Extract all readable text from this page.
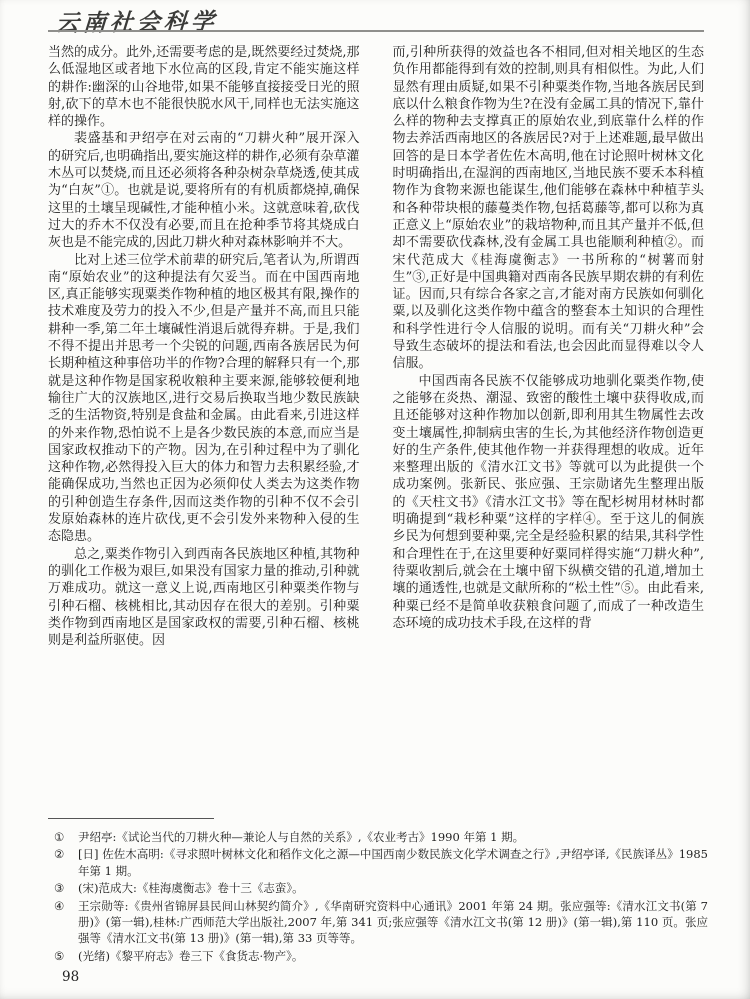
云南社会科学

当然的成分。此外,还需要考虑的是,既然要经过焚烧,那么低湿地区或者地下水位高的区段,肯定不能实施这样的耕作:幽深的山谷地带,如果不能够直接接受日光的照射,砍下的草木也不能很快脱水风干,同样也无法实施这样的操作。

裴盛基和尹绍亭在对云南的“刀耕火种”展开深入的研究后,也明确指出,要实施这样的耕作,必须有杂草灌木丛可以焚烧,而且还必须将各种杂树杂草烧透,使其成为“白灰”①。也就是说,要将所有的有机质都烧掉,确保这里的土壤呈现碱性,才能种植小米。这就意味着,砍伐过大的乔木不仅没有必要,而且在抢种季节将其烧成白灰也是不能完成的,因此刀耕火种对森林影响并不大。

比对上述三位学术前辈的研究后,笔者认为,所谓西南“原始农业”的这种提法有欠妥当。而在中国西南地区,真正能够实现粟类作物种植的地区极其有限,操作的技术难度及劳力的投入不少,但是产量并不高,而且只能耕种一季,第二年土壤碱性消退后就得弃耕。于是,我们不得不提出并思考一个尖锐的问题,西南各族居民为何长期种植这种事倍功半的作物?合理的解释只有一个,那就是这种作物是国家税收粮种主要来源,能够较便利地输往广大的汉族地区,进行交易后换取当地少数民族缺乏的生活物资,特别是食盐和金属。由此看来,引进这样的外来作物,恐怕说不上是各少数民族的本意,而应当是国家政权推动下的产物。因为,在引种过程中为了驯化这种作物,必然得投入巨大的体力和智力去积累经验,才能确保成功,当然也正因为必须仰仗人类去为这类作物的引种创造生存条件,因而这类作物的引种不仅不会引发原始森林的连片砍伐,更不会引发外来物种入侵的生态隐患。

总之,粟类作物引入到西南各民族地区种植,其物种的驯化工作极为艰巨,如果没有国家力量的推动,引种就万难成功。就这一意义上说,西南地区引种粟类作物与引种石榴、核桃相比,其动因存在很大的差别。引种粟类作物到西南地区是国家政权的需要,引种石榴、核桃则是利益所驱使。因

而,引种所获得的效益也各不相同,但对相关地区的生态负作用都能得到有效的控制,则具有相似性。为此,人们显然有理由质疑,如果不引种粟类作物,当地各族居民到底以什么粮食作物为生?在没有金属工具的情况下,靠什么样的物种去支撑真正的原始农业,到底靠什么样的作物去养活西南地区的各族居民?对于上述难题,最早做出回答的是日本学者佐佐木高明,他在讨论照叶树林文化时明确指出,在湿润的西南地区,当地民族不要禾本科植物作为食物来源也能谋生,他们能够在森林中种植芋头和各种带块根的藤蔓类作物,包括葛藤等,都可以称为真正意义上“原始农业”的栽培物种,而且其产量并不低,但却不需要砍伐森林,没有金属工具也能顺利种植②。而宋代范成大《桂海虞衡志》一书所称的“树薯而射生”③,正好是中国典籍对西南各民族早期农耕的有利佐证。因而,只有综合各家之言,才能对南方民族如何驯化粟,以及驯化这类作物中蕴含的整套本土知识的合理性和科学性进行令人信服的说明。而有关“刀耕火种”会导致生态破坏的提法和看法,也会因此而显得难以令人信服。

中国西南各民族不仅能够成功地驯化粟类作物,使之能够在炎热、潮湿、致密的酸性土壤中获得收成,而且还能够对这种作物加以创新,即利用其生物属性去改变土壤属性,抑制病虫害的生长,为其他经济作物创造更好的生产条件,使其他作物一并获得理想的收成。近年来整理出版的《清水江文书》等就可以为此提供一个成功案例。张新民、张应强、王宗勋诸先生整理出版的《天柱文书》《清水江文书》等在配杉树用材林时都明确提到“栽杉种粟”这样的字样④。至于这儿的侗族乡民为何想到要种粟,完全是经验积累的结果,其科学性和合理性在于,在这里要种好粟同样得实施“刀耕火种”,待粟收割后,就会在土壤中留下纵横交错的孔道,增加土壤的通透性,也就是文献所称的“松土性”⑤。由此看来,种粟已经不是简单收获粮食问题了,而成了一种改造生态环境的成功技术手段,在这样的背

①	尹绍亭:《试论当代的刀耕火种—兼论人与自然的关系》,《农业考古》1990 年第 1 期。
②	[日] 佐佐木高明:《寻求照叶树林文化和稻作文化之源—中国西南少数民族文化学术调查之行》,尹绍亭译,《民族译丛》1985 年第 1 期。
③	(宋)范成大:《桂海虞衡志》卷十三《志蛮》。
④	王宗勋等:《贵州省锦屏县民间山林契约简介》,《华南研究资料中心通讯》2001 年第 24 期。张应强等:《清水江文书(第 7 册)》(第一辑),桂林:广西师范大学出版社,2007 年,第 341 页;张应强等《清水江文书(第 12 册)》(第一辑),第 110 页。张应强等《清水江文书(第 13 册)》(第一辑),第 33 页等等。
⑤	(光绪)《黎平府志》卷三下《食货志·物产》。
98
